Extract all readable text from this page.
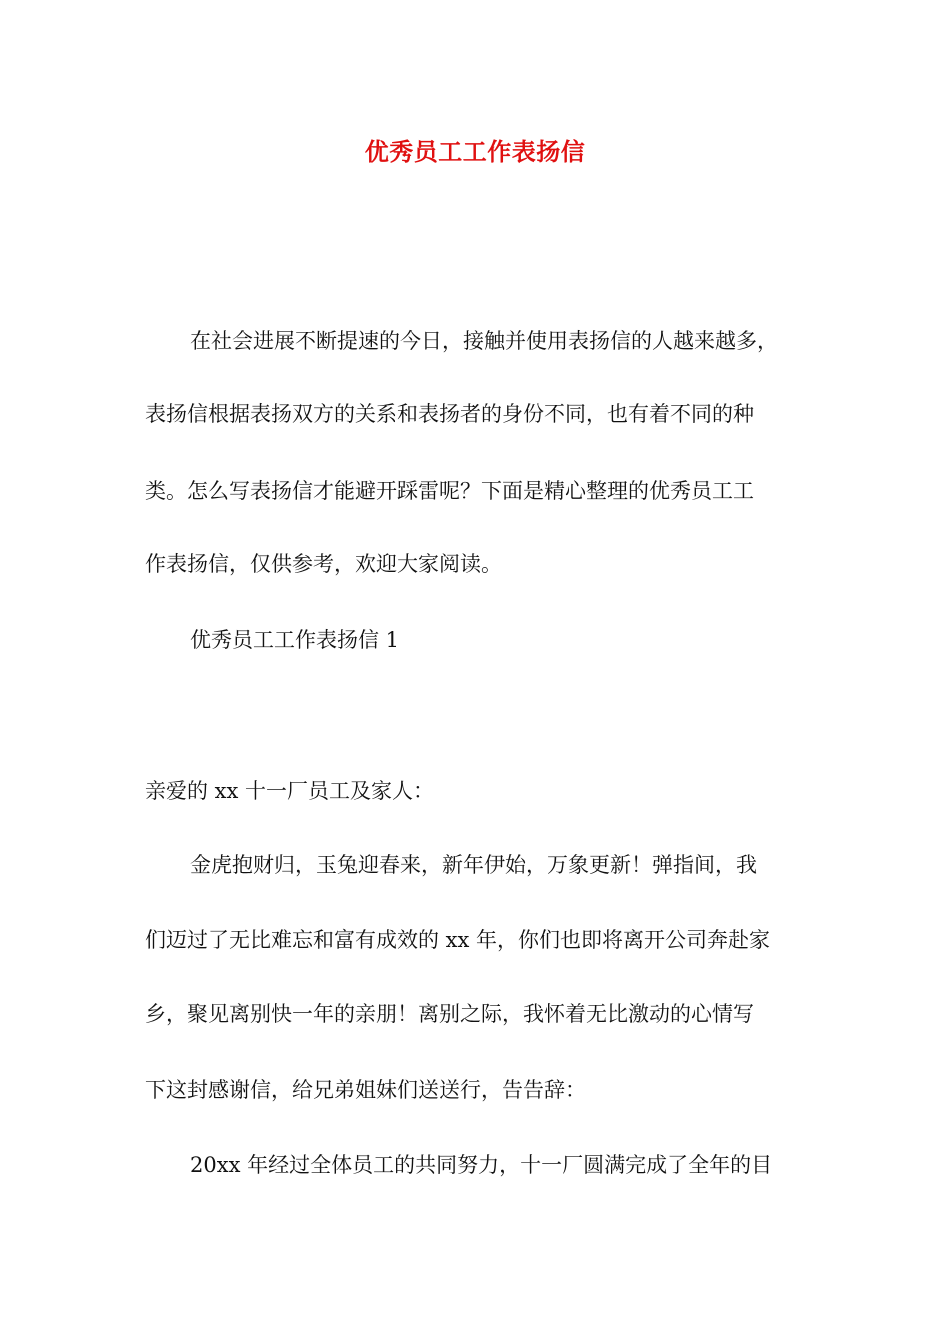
优秀员工工作表扬信
在社会进展不断提速的今日，接触并使用表扬信的人越来越多，
表扬信根据表扬双方的关系和表扬者的身份不同，也有着不同的种
类。怎么写表扬信才能避开踩雷呢？下面是精心整理的优秀员工工
作表扬信，仅供参考，欢迎大家阅读。
优秀员工工作表扬信 1
亲爱的 xx 十一厂员工及家人：
金虎抱财归，玉兔迎春来，新年伊始，万象更新！弹指间，我
们迈过了无比难忘和富有成效的 xx 年，你们也即将离开公司奔赴家
乡，聚见离别快一年的亲朋！离别之际，我怀着无比激动的心情写
下这封感谢信，给兄弟姐妹们送送行，告告辞：
20xx 年经过全体员工的共同努力，十一厂圆满完成了全年的目
